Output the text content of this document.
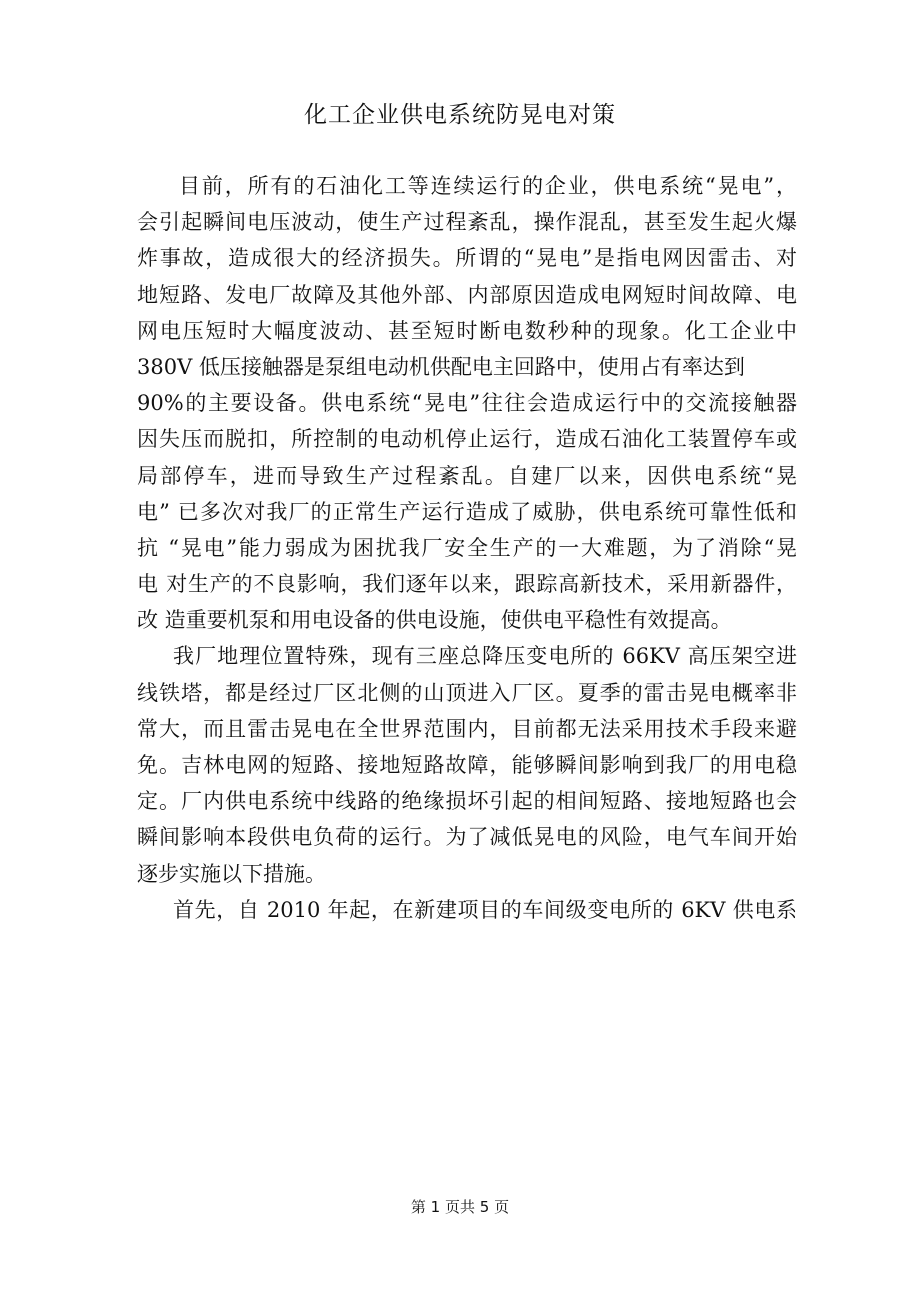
化工企业供电系统防晃电对策
目前，所有的石油化工等连续运行的企业，供电系统“晃电”，
会引起瞬间电压波动，使生产过程紊乱，操作混乱，甚至发生起火爆
炸事故，造成很大的经济损失。所谓的“晃电”是指电网因雷击、对
地短路、发电厂故障及其他外部、内部原因造成电网短时间故障、电
网电压短时大幅度波动、甚至短时断电数秒种的现象。化工企业中
380V 低压接触器是泵组电动机供配电主回路中，使用占有率达到
90%的主要设备。供电系统“晃电”往往会造成运行中的交流接触器
因失压而脱扣，所控制的电动机停止运行，造成石油化工装置停车或
局部停车，进而导致生产过程紊乱。自建厂以来，因供电系统“晃
电” 已多次对我厂的正常生产运行造成了威胁，供电系统可靠性低和
抗 “晃电”能力弱成为困扰我厂安全生产的一大难题，为了消除“晃
电 对生产的不良影响，我们逐年以来，跟踪高新技术，采用新器件，
改 造重要机泵和用电设备的供电设施，使供电平稳性有效提高。
我厂地理位置特殊，现有三座总降压变电所的 66KV 高压架空进
线铁塔，都是经过厂区北侧的山顶进入厂区。夏季的雷击晃电概率非
常大，而且雷击晃电在全世界范围内，目前都无法采用技术手段来避
免。吉林电网的短路、接地短路故障，能够瞬间影响到我厂的用电稳
定。厂内供电系统中线路的绝缘损坏引起的相间短路、接地短路也会
瞬间影响本段供电负荷的运行。为了减低晃电的风险，电气车间开始
逐步实施以下措施。
首先，自 2010 年起，在新建项目的车间级变电所的 6KV 供电系
第 1 页共 5 页
